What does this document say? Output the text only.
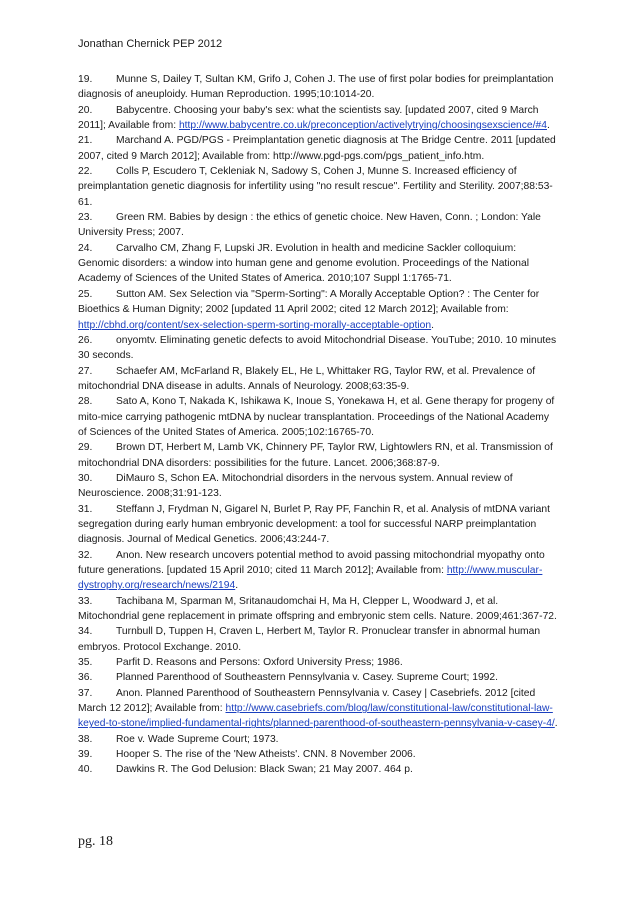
Jonathan Chernick PEP 2012

19. Munne S, Dailey T, Sultan KM, Grifo J, Cohen J. The use of first polar bodies for preimplantation diagnosis of aneuploidy. Human Reproduction. 1995;10:1014-20.

20. Babycentre. Choosing your baby's sex: what the scientists say. [updated 2007, cited 9 March 2011]; Available from: http://www.babycentre.co.uk/preconception/activelytrying/choosingsexscience/#4.

21. Marchand A. PGD/PGS - Preimplantation genetic diagnosis at The Bridge Centre. 2011 [updated 2007, cited 9 March 2012]; Available from: http://www.pgd-pgs.com/pgs_patient_info.htm.

22. Colls P, Escudero T, Cekleniak N, Sadowy S, Cohen J, Munne S. Increased efficiency of preimplantation genetic diagnosis for infertility using "no result rescue". Fertility and Sterility. 2007;88:53-61.

23. Green RM. Babies by design : the ethics of genetic choice. New Haven, Conn. ; London: Yale University Press; 2007.

24. Carvalho CM, Zhang F, Lupski JR. Evolution in health and medicine Sackler colloquium: Genomic disorders: a window into human gene and genome evolution. Proceedings of the National Academy of Sciences of the United States of America. 2010;107 Suppl 1:1765-71.

25. Sutton AM. Sex Selection via "Sperm-Sorting": A Morally Acceptable Option? : The Center for Bioethics & Human Dignity; 2002 [updated 11 April 2002; cited 12 March 2012]; Available from: http://cbhd.org/content/sex-selection-sperm-sorting-morally-acceptable-option.

26. onyomtv. Eliminating genetic defects to avoid Mitochondrial Disease. YouTube; 2010. 10 minutes 30 seconds.

27. Schaefer AM, McFarland R, Blakely EL, He L, Whittaker RG, Taylor RW, et al. Prevalence of mitochondrial DNA disease in adults. Annals of Neurology. 2008;63:35-9.

28. Sato A, Kono T, Nakada K, Ishikawa K, Inoue S, Yonekawa H, et al. Gene therapy for progeny of mito-mice carrying pathogenic mtDNA by nuclear transplantation. Proceedings of the National Academy of Sciences of the United States of America. 2005;102:16765-70.

29. Brown DT, Herbert M, Lamb VK, Chinnery PF, Taylor RW, Lightowlers RN, et al. Transmission of mitochondrial DNA disorders: possibilities for the future. Lancet. 2006;368:87-9.

30. DiMauro S, Schon EA. Mitochondrial disorders in the nervous system. Annual review of Neuroscience. 2008;31:91-123.

31. Steffann J, Frydman N, Gigarel N, Burlet P, Ray PF, Fanchin R, et al. Analysis of mtDNA variant segregation during early human embryonic development: a tool for successful NARP preimplantation diagnosis. Journal of Medical Genetics. 2006;43:244-7.

32. Anon. New research uncovers potential method to avoid passing mitochondrial myopathy onto future generations. [updated 15 April 2010; cited 11 March 2012]; Available from: http://www.muscular-dystrophy.org/research/news/2194.

33. Tachibana M, Sparman M, Sritanaudomchai H, Ma H, Clepper L, Woodward J, et al. Mitochondrial gene replacement in primate offspring and embryonic stem cells. Nature. 2009;461:367-72.

34. Turnbull D, Tuppen H, Craven L, Herbert M, Taylor R. Pronuclear transfer in abnormal human embryos. Protocol Exchange. 2010.

35. Parfit D. Reasons and Persons: Oxford University Press; 1986.

36. Planned Parenthood of Southeastern Pennsylvania v. Casey. Supreme Court; 1992.

37. Anon. Planned Parenthood of Southeastern Pennsylvania v. Casey | Casebriefs. 2012 [cited March 12 2012]; Available from: http://www.casebriefs.com/blog/law/constitutional-law/constitutional-law-keyed-to-stone/implied-fundamental-rights/planned-parenthood-of-southeastern-pennsylvania-v-casey-4/.

38. Roe v. Wade Supreme Court; 1973.

39. Hooper S. The rise of the 'New Atheists'. CNN. 8 November 2006.

40. Dawkins R. The God Delusion: Black Swan; 21 May 2007. 464 p.

pg. 18
